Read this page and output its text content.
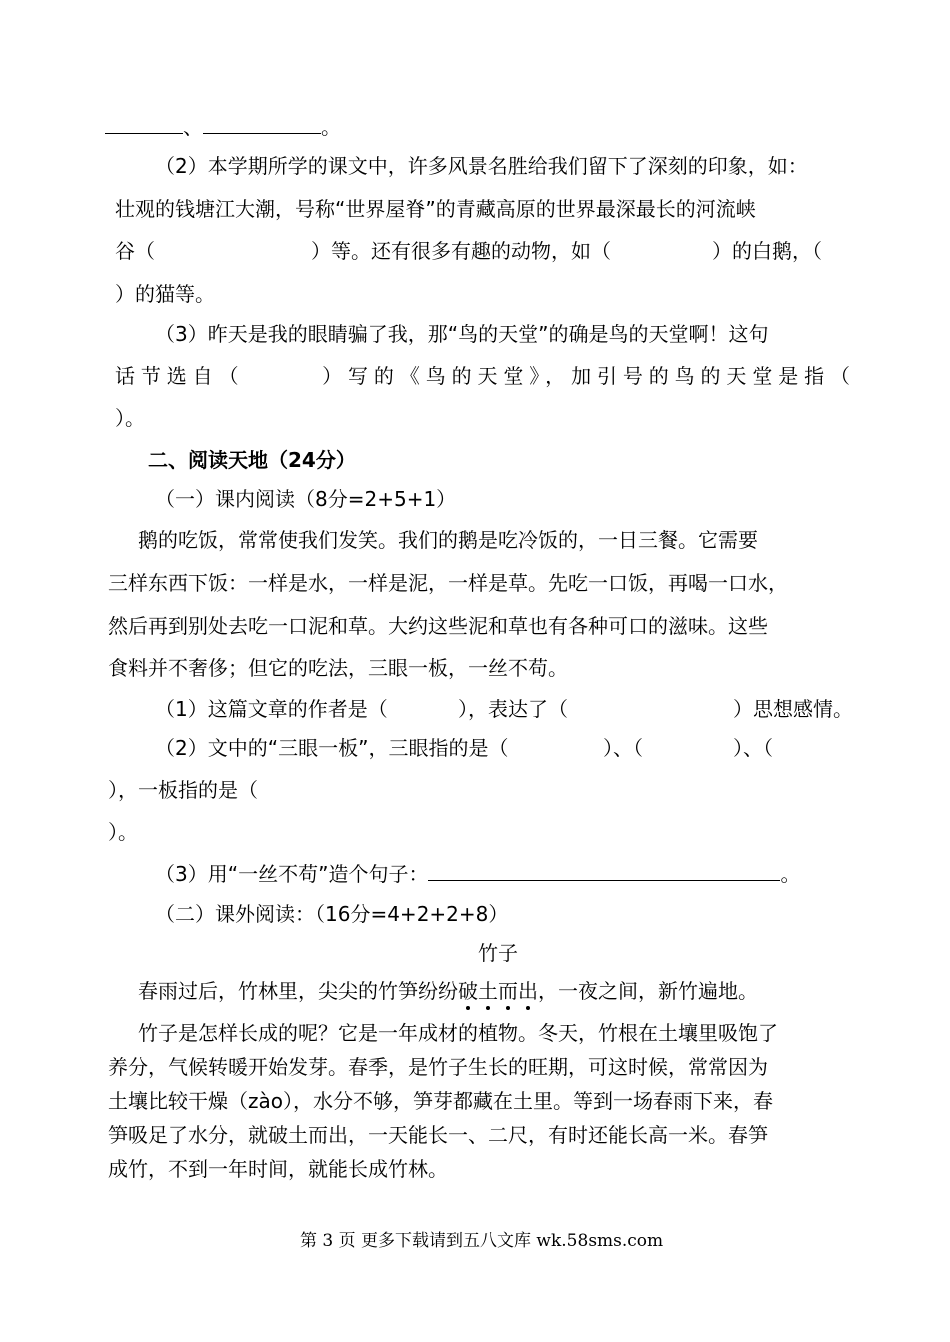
、	。

（2）本学期所学的课文中，许多风景名胜给我们留下了深刻的印象，如：

壮观的钱塘江大潮，号称“世界屋脊”的青藏高原的世界最深最长的河流峡

谷（	）等。还有很多有趣的动物，如（	）的白鹅，（

）的猫等。

（3）昨天是我的眼睛骗了我，那“鸟的天堂”的确是鸟的天堂啊！这句

话节选自（　　　）写的《鸟的天堂》，加引号的鸟的天堂是指（

）。

二、阅读天地（24分）

（一）课内阅读（8分=2+5+1）

鹅的吃饭，常常使我们发笑。我们的鹅是吃冷饭的，一日三餐。它需要

三样东西下饭：一样是水，一样是泥，一样是草。先吃一口饭，再喝一口水，

然后再到别处去吃一口泥和草。大约这些泥和草也有各种可口的滋味。这些

食料并不奢侈；但它的吃法，三眼一板，一丝不苟。

（1）这篇文章的作者是（	），表达了（	）思想感情。
（2）文中的“三眼一板”，三眼指的是（	）、（	）、（

），一板指的是（

）。

（3）用“一丝不苟”造个句子：	。

（二）课外阅读：（16分=4+2+2+8）

竹子

春雨过后，竹林里，尖尖的竹笋纷纷破土而出，一夜之间，新竹遍地。

竹子是怎样长成的呢？它是一年成材的植物。冬天，竹根在土壤里吸饱了

养分，气候转暖开始发芽。春季，是竹子生长的旺期，可这时候，常常因为

土壤比较干燥（zào），水分不够，笋芽都藏在土里。等到一场春雨下来，春

笋吸足了水分，就破土而出，一天能长一、二尺，有时还能长高一米。春笋

成竹，不到一年时间，就能长成竹林。

第 3 页 更多下载请到五八文库 wk.58sms.com
